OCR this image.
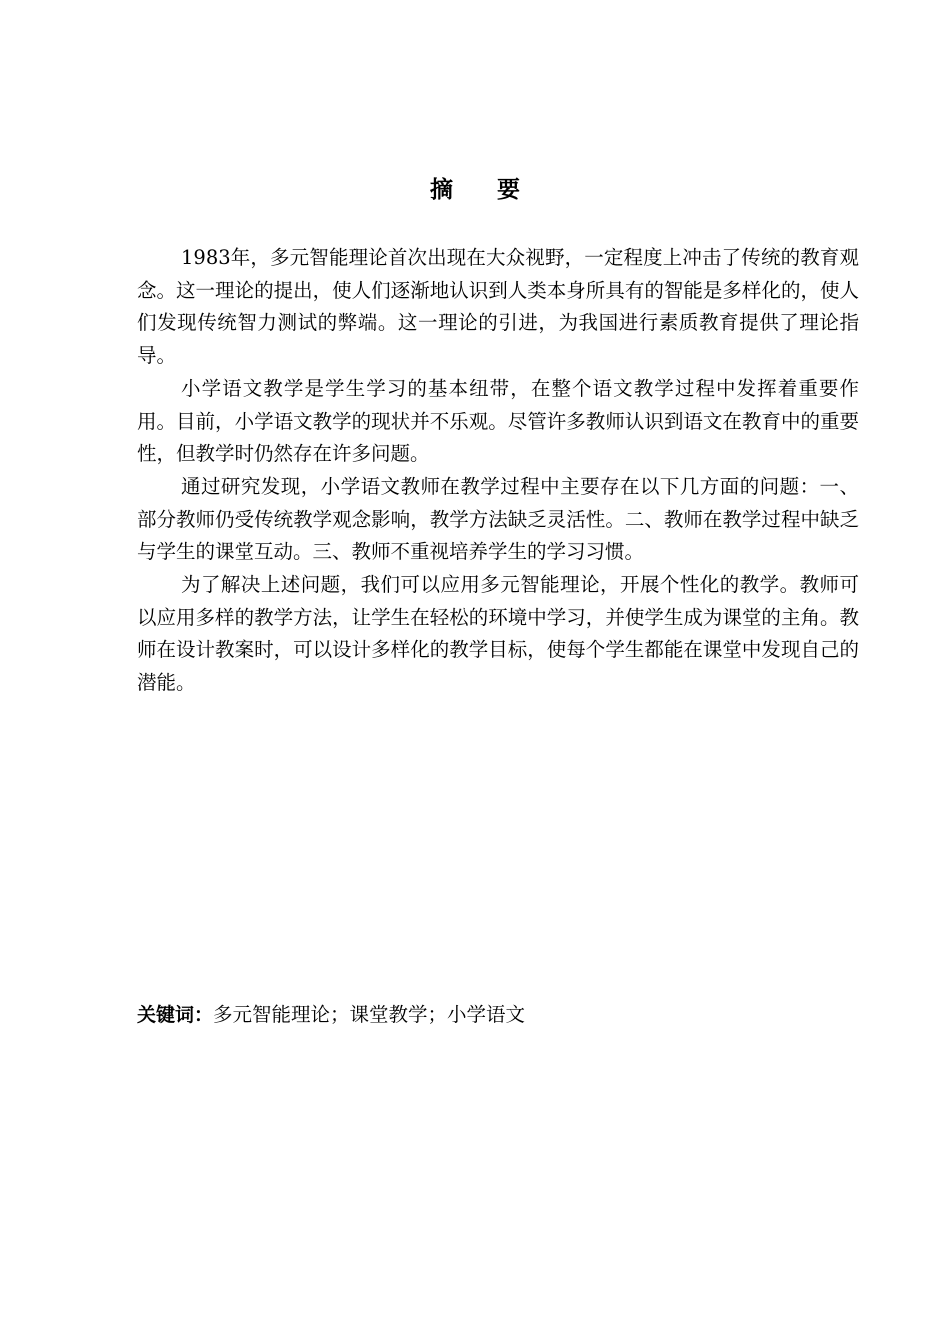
摘要

1983年，多元智能理论首次出现在大众视野，一定程度上冲击了传统的教育观念。这一理论的提出，使人们逐渐地认识到人类本身所具有的智能是多样化的，使人们发现传统智力测试的弊端。这一理论的引进，为我国进行素质教育提供了理论指导。

小学语文教学是学生学习的基本纽带，在整个语文教学过程中发挥着重要作用。目前，小学语文教学的现状并不乐观。尽管许多教师认识到语文在教育中的重要性，但教学时仍然存在许多问题。

通过研究发现，小学语文教师在教学过程中主要存在以下几方面的问题：一、部分教师仍受传统教学观念影响，教学方法缺乏灵活性。二、教师在教学过程中缺乏与学生的课堂互动。三、教师不重视培养学生的学习习惯。

为了解决上述问题，我们可以应用多元智能理论，开展个性化的教学。教师可以应用多样的教学方法，让学生在轻松的环境中学习，并使学生成为课堂的主角。教师在设计教案时，可以设计多样化的教学目标，使每个学生都能在课堂中发现自己的潜能。

关键词：多元智能理论；课堂教学；小学语文
